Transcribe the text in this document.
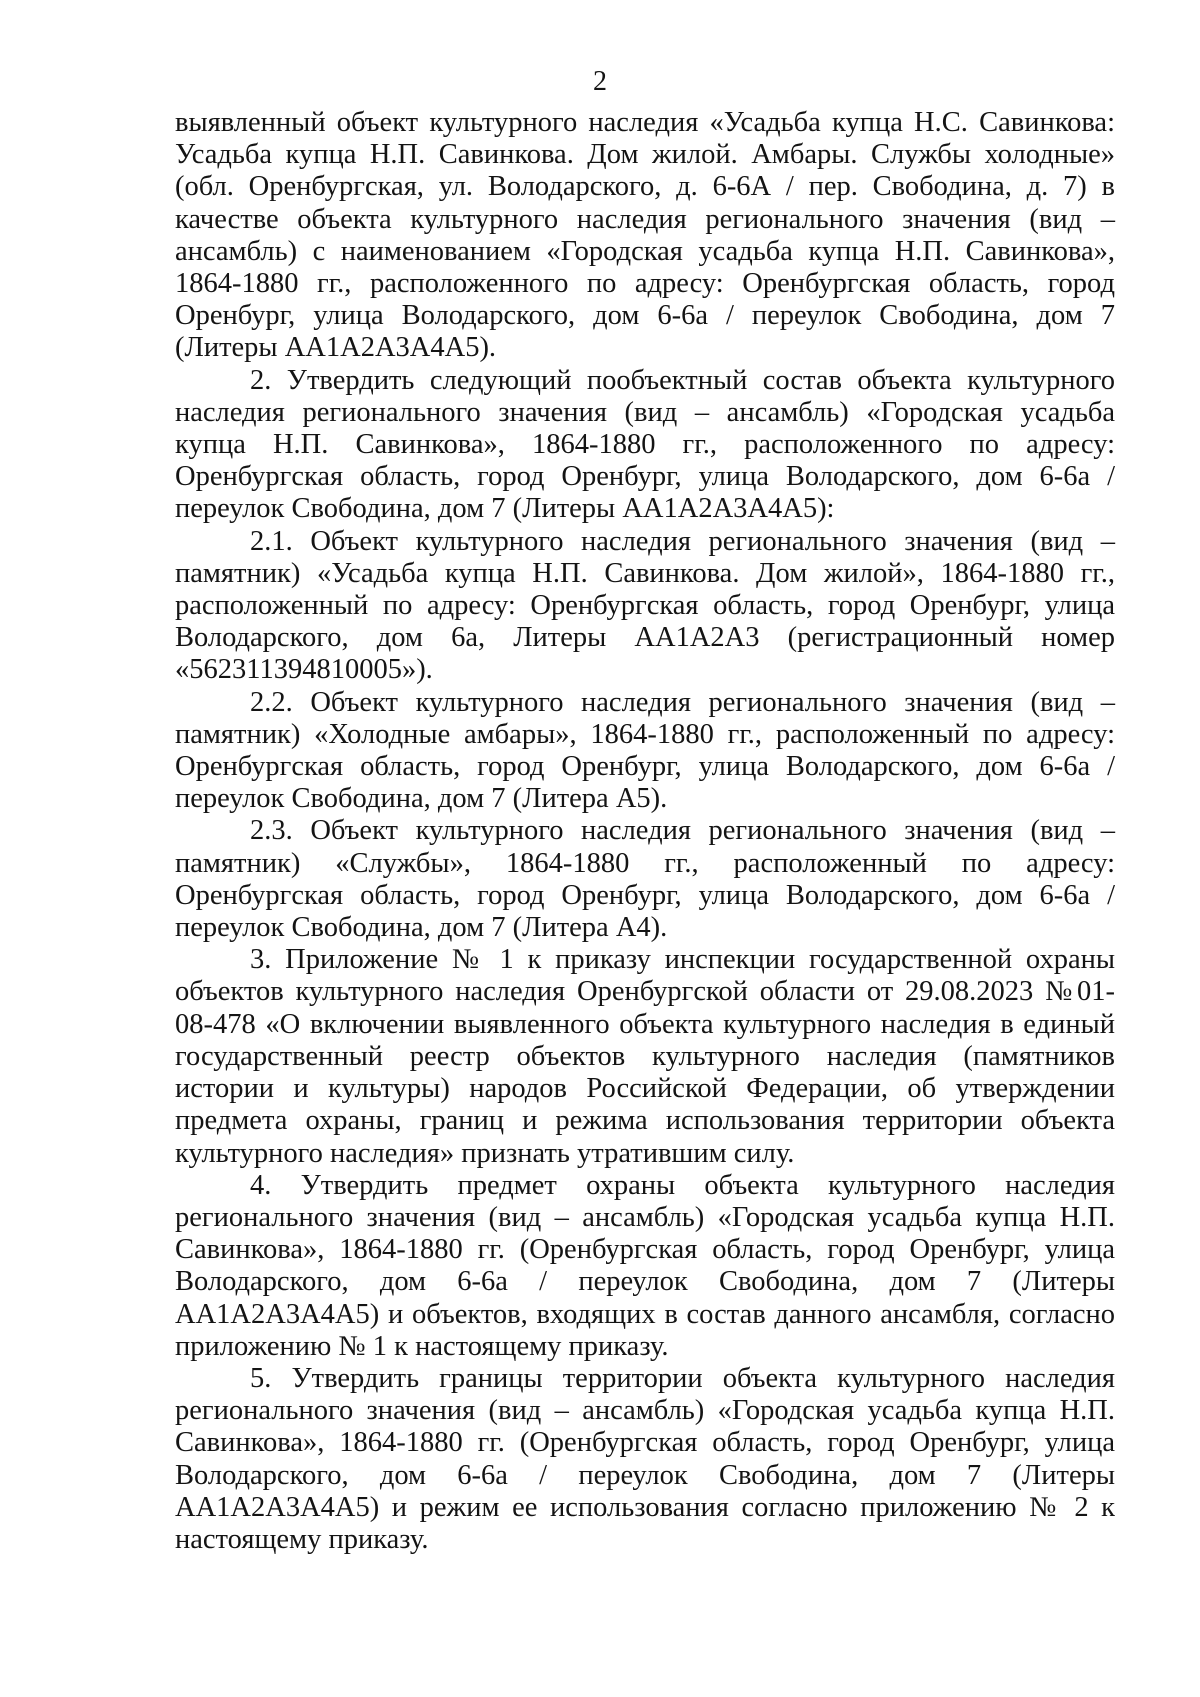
2

выявленный объект культурного наследия «Усадьба купца Н.С. Савинкова: Усадьба купца Н.П. Савинкова. Дом жилой. Амбары. Службы холодные» (обл. Оренбургская, ул. Володарского, д. 6-6А / пер. Свободина, д. 7) в качестве объекта культурного наследия регионального значения (вид – ансамбль) с наименованием «Городская усадьба купца Н.П. Савинкова», 1864-1880 гг., расположенного по адресу: Оренбургская область, город Оренбург, улица Володарского, дом 6-6а / переулок Свободина, дом 7 (Литеры АА1А2А3А4А5).

2. Утвердить следующий пообъектный состав объекта культурного наследия регионального значения (вид – ансамбль) «Городская усадьба купца Н.П. Савинкова», 1864-1880 гг., расположенного по адресу: Оренбургская область, город Оренбург, улица Володарского, дом 6-6а / переулок Свободина, дом 7 (Литеры АА1А2А3А4А5):

2.1. Объект культурного наследия регионального значения (вид – памятник) «Усадьба купца Н.П. Савинкова. Дом жилой», 1864-1880 гг., расположенный по адресу: Оренбургская область, город Оренбург, улица Володарского, дом 6а, Литеры АА1А2А3 (регистрационный номер «562311394810005»).

2.2. Объект культурного наследия регионального значения (вид – памятник) «Холодные амбары», 1864-1880 гг., расположенный по адресу: Оренбургская область, город Оренбург, улица Володарского, дом 6-6а / переулок Свободина, дом 7 (Литера А5).

2.3. Объект культурного наследия регионального значения (вид – памятник) «Службы», 1864-1880 гг., расположенный по адресу: Оренбургская область, город Оренбург, улица Володарского, дом 6-6а / переулок Свободина, дом 7 (Литера А4).

3. Приложение № 1 к приказу инспекции государственной охраны объектов культурного наследия Оренбургской области от 29.08.2023 №01-08-478 «О включении выявленного объекта культурного наследия в единый государственный реестр объектов культурного наследия (памятников истории и культуры) народов Российской Федерации, об утверждении предмета охраны, границ и режима использования территории объекта культурного наследия» признать утратившим силу.

4. Утвердить предмет охраны объекта культурного наследия регионального значения (вид – ансамбль) «Городская усадьба купца Н.П. Савинкова», 1864-1880 гг. (Оренбургская область, город Оренбург, улица Володарского, дом 6-6а / переулок Свободина, дом 7 (Литеры АА1А2А3А4А5) и объектов, входящих в состав данного ансамбля, согласно приложению № 1 к настоящему приказу.

5. Утвердить границы территории объекта культурного наследия регионального значения (вид – ансамбль) «Городская усадьба купца Н.П. Савинкова», 1864-1880 гг. (Оренбургская область, город Оренбург, улица Володарского, дом 6-6а / переулок Свободина, дом 7 (Литеры АА1А2А3А4А5) и режим ее использования согласно приложению № 2 к настоящему приказу.
